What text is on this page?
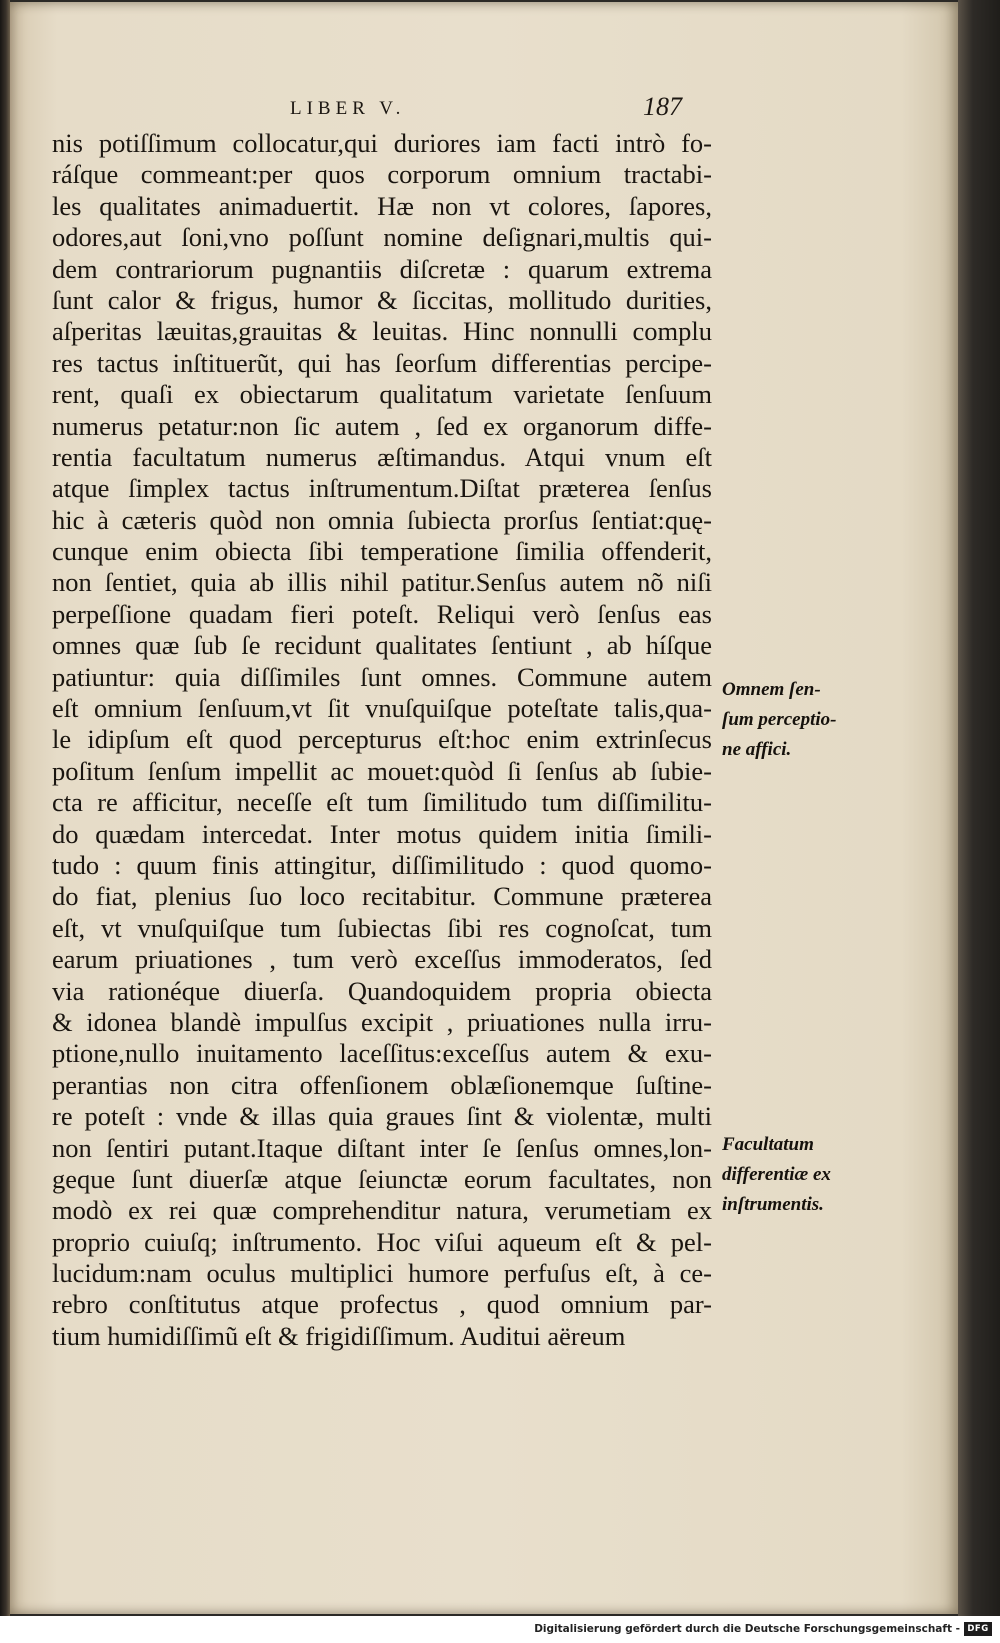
LIBER V.	187
nis potiſſimum collocatur,qui duriores iam facti intrò fo-
ráſque commeant:per quos corporum omnium tractabi-
les qualitates animaduertit. Hæ non vt colores, ſapores,
odores,aut ſoni,vno poſſunt nomine deſignari,multis qui-
dem contrariorum pugnantiis diſcretæ : quarum extrema
ſunt calor & frigus, humor & ſiccitas, mollitudo durities,
aſperitas læuitas,grauitas & leuitas. Hinc nonnulli complu
res tactus inſtituerũt, qui has ſeorſum differentias percipe-
rent, quaſi ex obiectarum qualitatum varietate ſenſuum
numerus petatur:non ſic autem , ſed ex organorum diffe-
rentia facultatum numerus æſtimandus. Atqui vnum eſt
atque ſimplex tactus inſtrumentum.Diſtat præterea ſenſus
hic à cæteris quòd non omnia ſubiecta prorſus ſentiat:quę-
cunque enim obiecta ſibi temperatione ſimilia offenderit,
non ſentiet, quia ab illis nihil patitur.Senſus autem nõ niſi
perpeſſione quadam fieri poteſt. Reliqui verò ſenſus eas
omnes quæ ſub ſe recidunt qualitates ſentiunt , ab híſque
patiuntur: quia diſſimiles ſunt omnes. Commune autem
eſt omnium ſenſuum,vt ſit vnuſquiſque poteſtate talis,qua-
le idipſum eſt quod percepturus eſt:hoc enim extrinſecus
poſitum ſenſum impellit ac mouet:quòd ſi ſenſus ab ſubie-
cta re afficitur, neceſſe eſt tum ſimilitudo tum diſſimilitu-
do quædam intercedat. Inter motus quidem initia ſimili-
tudo : quum finis attingitur, diſſimilitudo : quod quomo-
do fiat, plenius ſuo loco recitabitur. Commune præterea
eſt, vt vnuſquiſque tum ſubiectas ſibi res cognoſcat, tum
earum priuationes , tum verò exceſſus immoderatos, ſed
via rationéque diuerſa. Quandoquidem propria obiecta
& idonea blandè impulſus excipit , priuationes nulla irru-
ptione,nullo inuitamento laceſſitus:exceſſus autem & exu-
perantias non citra offenſionem oblæſionemque ſuſtine-
re poteſt : vnde & illas quia graues ſint & violentæ, multi
non ſentiri putant.Itaque diſtant inter ſe ſenſus omnes,lon-
geque ſunt diuerſæ atque ſeiunctæ eorum facultates, non
modò ex rei quæ comprehenditur natura, verumetiam ex
proprio cuiuſq; inſtrumento. Hoc viſui aqueum eſt & pel-
lucidum:nam oculus multiplici humore perfuſus eſt, à ce-
rebro conſtitutus atque profectus , quod omnium par-
tium humidiſſimũ eſt & frigidiſſimum. Auditui aëreum
Omnem ſen-
ſum perceptio-
ne affici.
Facultatum
differentiæ ex
inſtrumentis.
Digitalisierung gefördert durch die Deutsche Forschungsgemeinschaft - DFG
